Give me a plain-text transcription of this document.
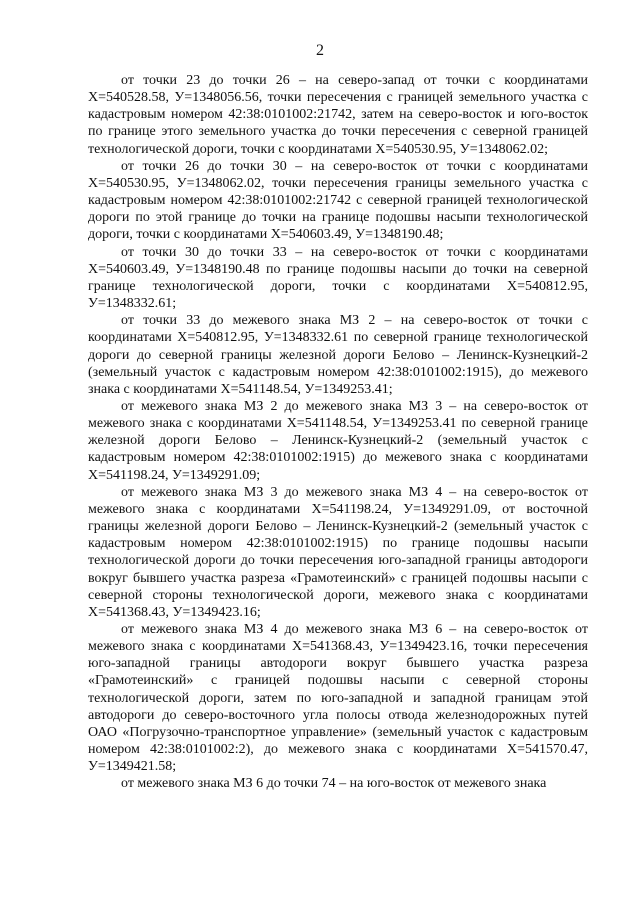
2

от точки 23 до точки 26 – на северо-запад от точки с координатами X=540528.58, У=1348056.56, точки пересечения с границей земельного участка с кадастровым номером 42:38:0101002:21742, затем на северо-восток и юго-восток по границе этого земельного участка до точки пересечения с северной границей технологической дороги, точки с координатами X=540530.95, У=1348062.02;

от точки 26 до точки 30 – на северо-восток от точки с координатами X=540530.95, У=1348062.02, точки пересечения границы земельного участка с кадастровым номером 42:38:0101002:21742 с северной границей технологической дороги по этой границе до точки на границе подошвы насыпи технологической дороги, точки с координатами X=540603.49, У=1348190.48;

от точки 30 до точки 33 – на северо-восток от точки с координатами X=540603.49, У=1348190.48 по границе подошвы насыпи до точки на северной границе технологической дороги, точки с координатами X=540812.95, У=1348332.61;

от точки 33 до межевого знака МЗ 2 – на северо-восток от точки с координатами X=540812.95, У=1348332.61 по северной границе технологической дороги до северной границы железной дороги Белово – Ленинск-Кузнецкий-2 (земельный участок с кадастровым номером 42:38:0101002:1915), до межевого знака с координатами X=541148.54, У=1349253.41;

от межевого знака МЗ 2 до межевого знака МЗ 3 – на северо-восток от межевого знака с координатами X=541148.54, У=1349253.41 по северной границе железной дороги Белово – Ленинск-Кузнецкий-2 (земельный участок с кадастровым номером 42:38:0101002:1915) до межевого знака с координатами X=541198.24, У=1349291.09;

от межевого знака МЗ 3 до межевого знака МЗ 4 – на северо-восток от межевого знака с координатами X=541198.24, У=1349291.09, от восточной границы железной дороги Белово – Ленинск-Кузнецкий-2 (земельный участок с кадастровым номером 42:38:0101002:1915) по границе подошвы насыпи технологической дороги до точки пересечения юго-западной границы автодороги вокруг бывшего участка разреза «Грамотеинский» с границей подошвы насыпи с северной стороны технологической дороги, межевого знака с координатами X=541368.43, У=1349423.16;

от межевого знака МЗ 4 до межевого знака МЗ 6 – на северо-восток от межевого знака с координатами X=541368.43, У=1349423.16, точки пересечения юго-западной границы автодороги вокруг бывшего участка разреза «Грамотеинский» с границей подошвы насыпи с северной стороны технологической дороги, затем по юго-западной и западной границам этой автодороги до северо-восточного угла полосы отвода железнодорожных путей ОАО «Погрузочно-транспортное управление» (земельный участок с кадастровым номером 42:38:0101002:2), до межевого знака с координатами X=541570.47, У=1349421.58;

от межевого знака МЗ 6 до точки 74 – на юго-восток от межевого знака
